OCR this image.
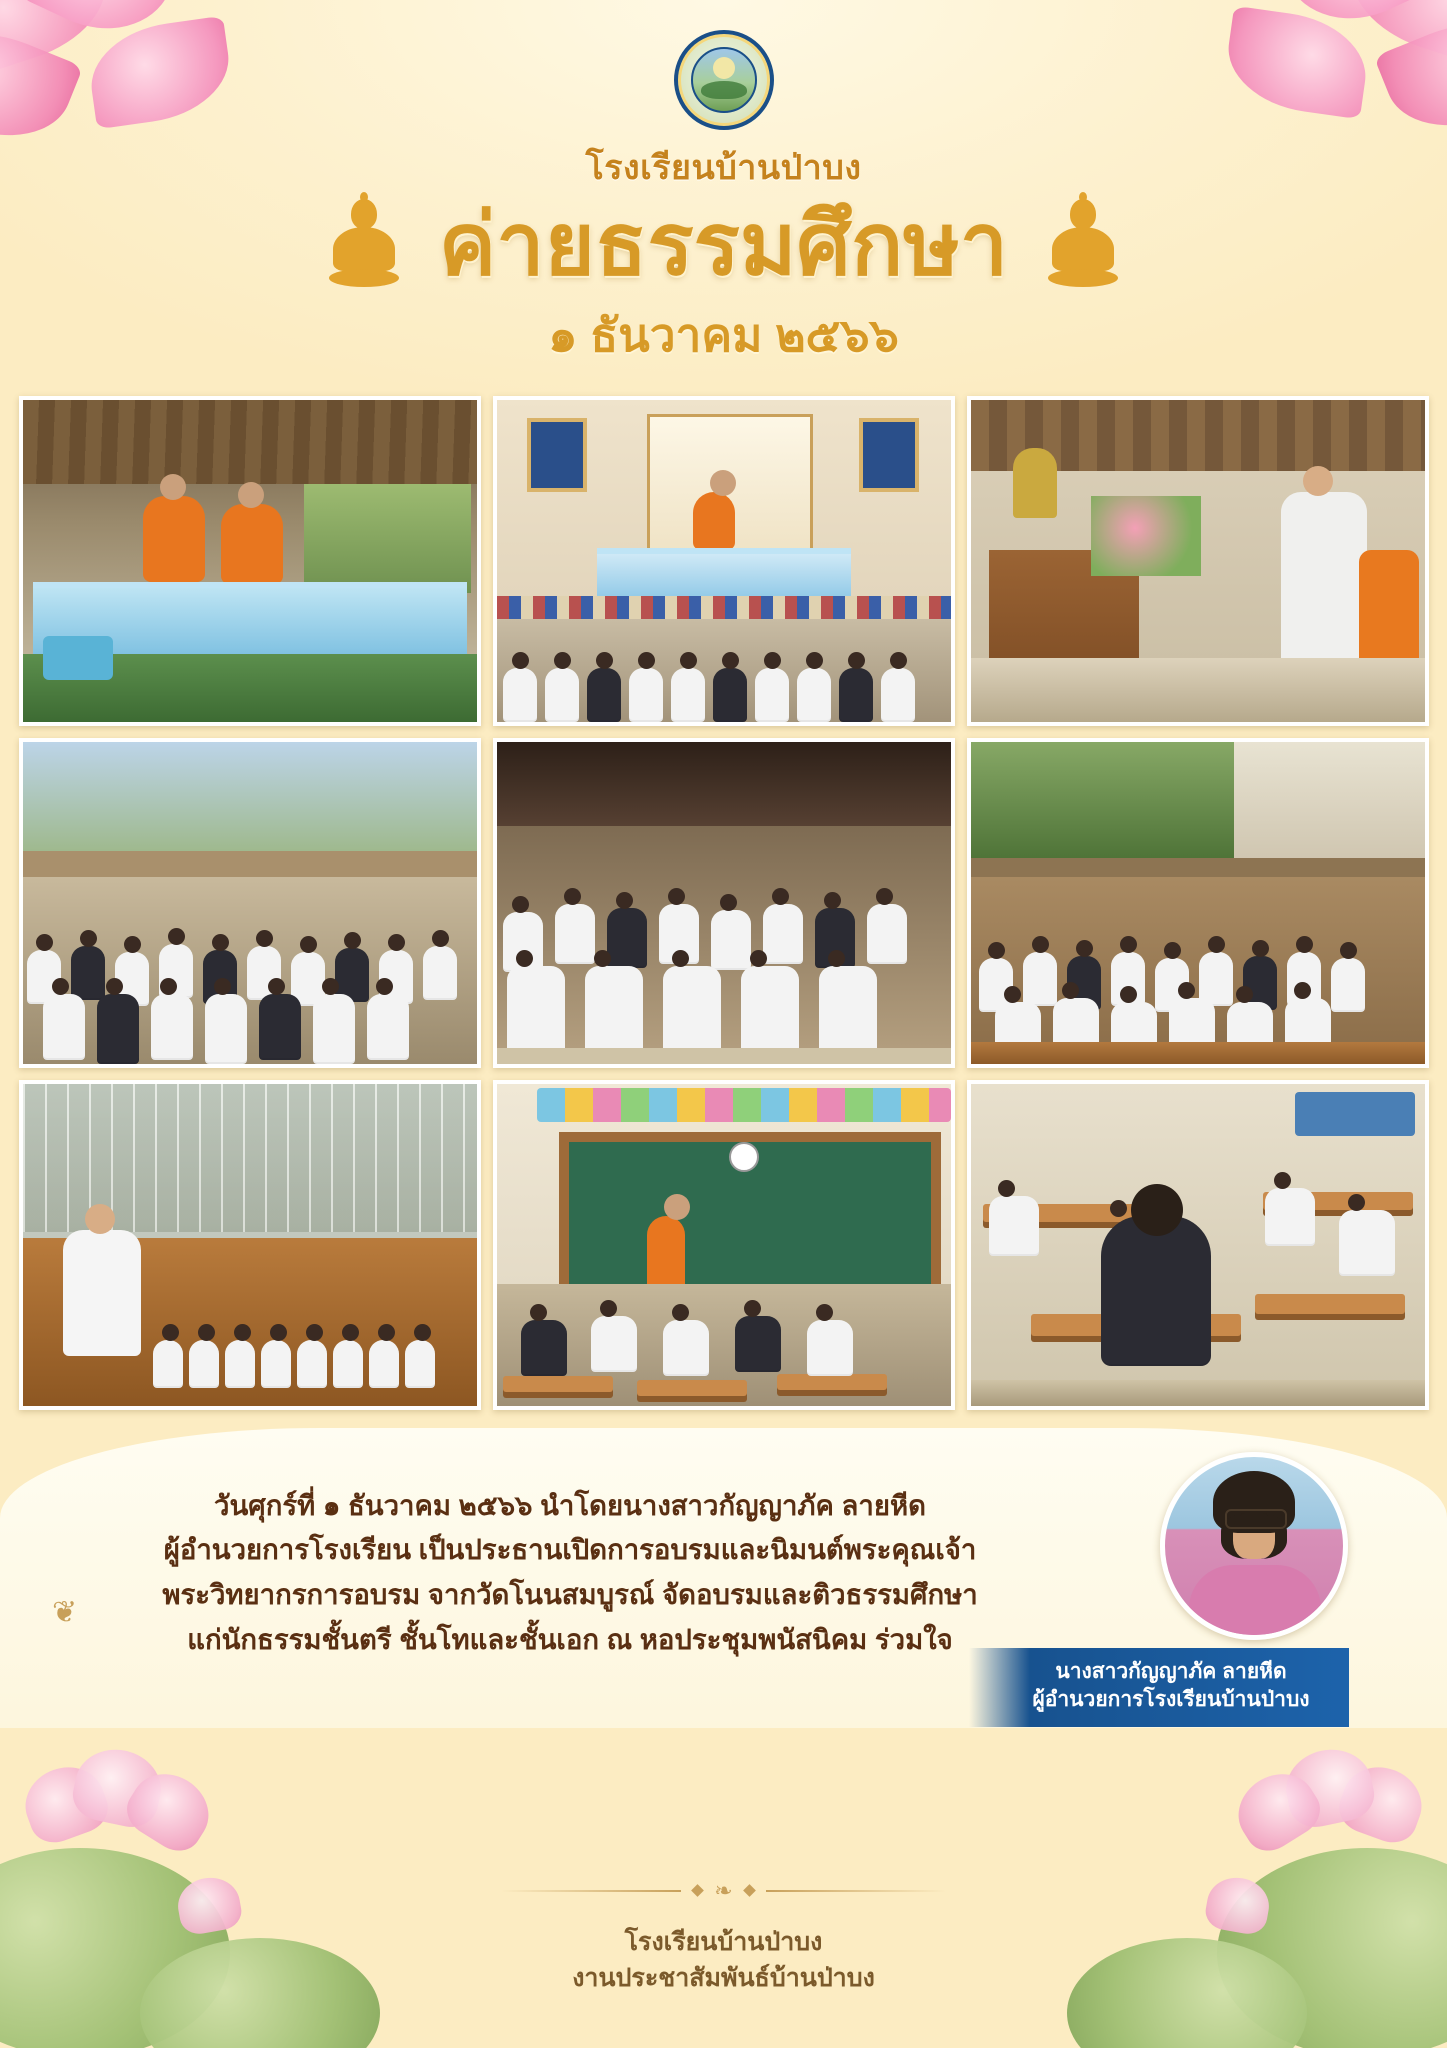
โรงเรียนบ้านป่าบง
ค่ายธรรมศึกษา
๑ ธันวาคม ๒๕๖๖
วันศุกร์ที่ ๑ ธันวาคม ๒๕๖๖ นำโดยนางสาวกัญญาภัค ลายหีด
ผู้อำนวยการโรงเรียน เป็นประธานเปิดการอบรมและนิมนต์พระคุณเจ้า
พระวิทยากรการอบรม จากวัดโนนสมบูรณ์ จัดอบรมและติวธรรมศึกษา
แก่นักธรรมชั้นตรี ชั้นโทและชั้นเอก ณ หอประชุมพนัสนิคม ร่วมใจ
นางสาวกัญญาภัค ลายหีด
ผู้อำนวยการโรงเรียนบ้านป่าบง
❦
❧
โรงเรียนบ้านป่าบง
งานประชาสัมพันธ์บ้านป่าบง
